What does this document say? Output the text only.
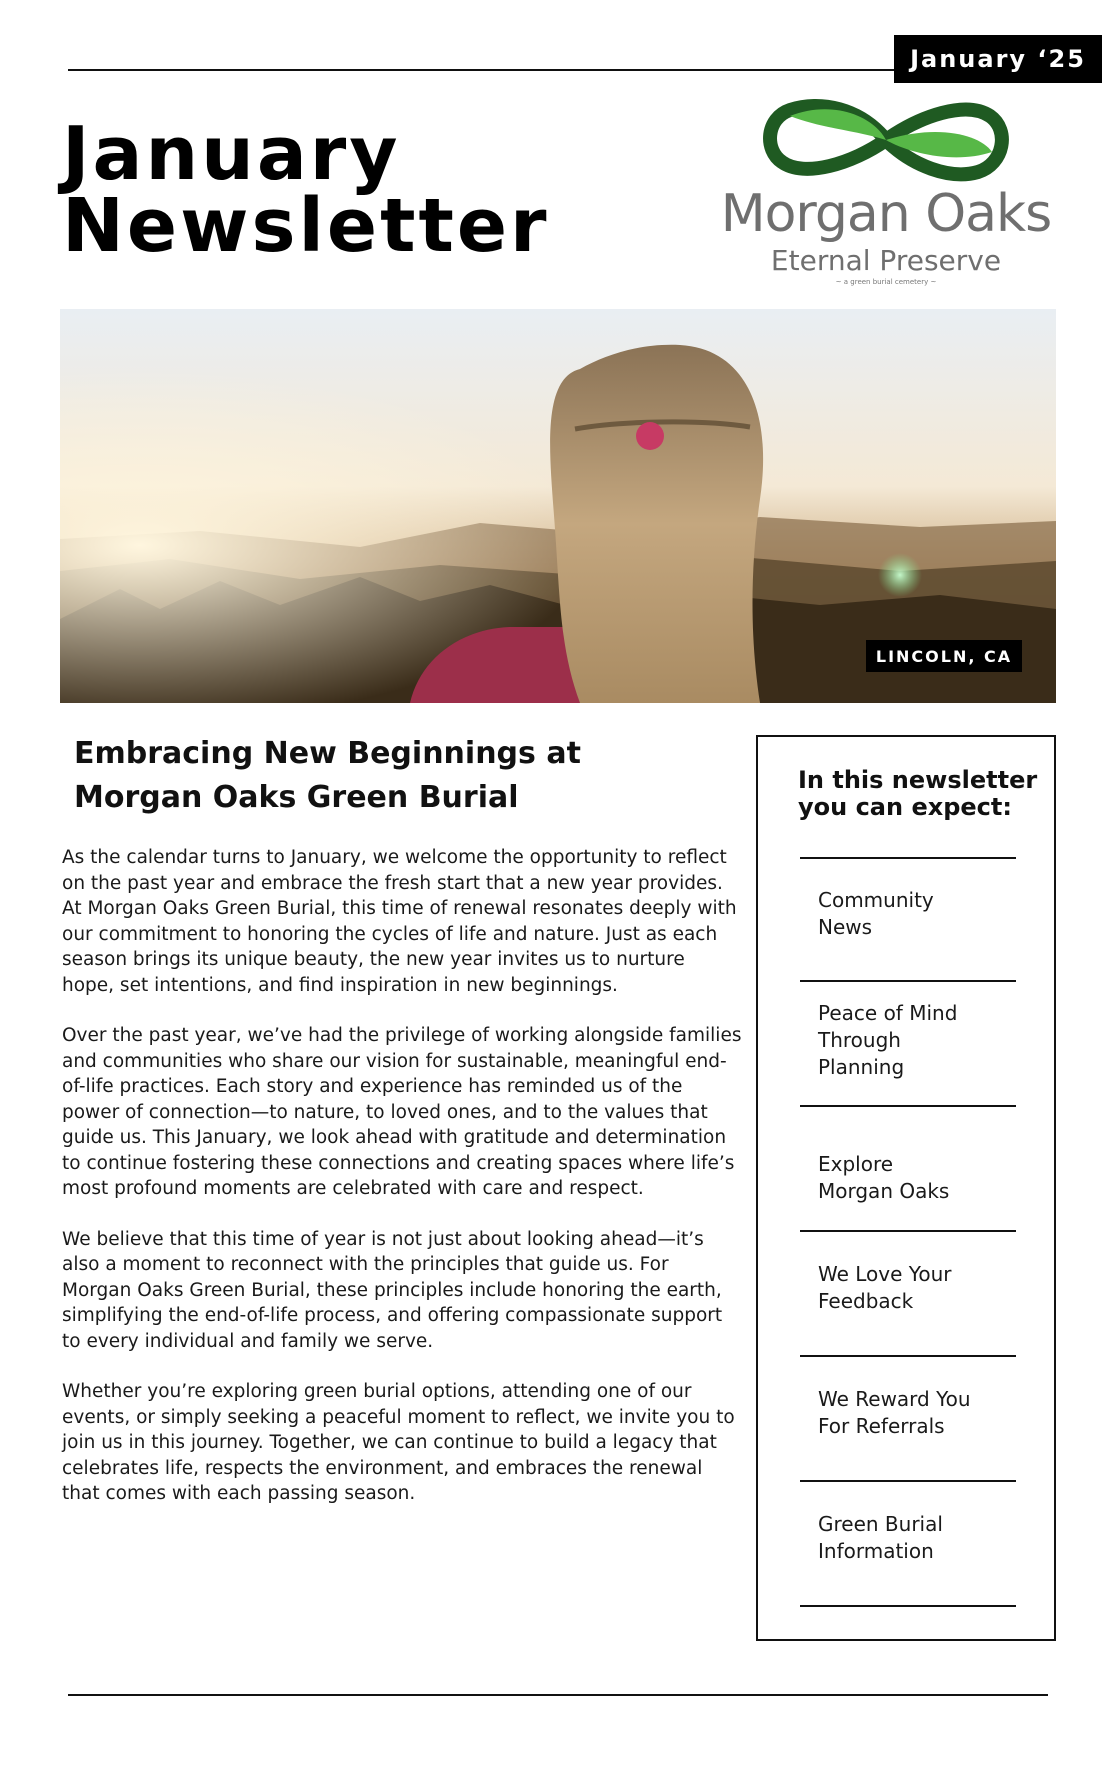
January ‘25
January
Newsletter	Morgan Oaks
Eternal Preserve
~ a green burial cemetery ~
LINCOLN, CA
Embracing New Beginnings at
Morgan Oaks Green Burial

As the calendar turns to January, we welcome the opportunity to reflect on the past year and embrace the fresh start that a new year provides. At Morgan Oaks Green Burial, this time of renewal resonates deeply with our commitment to honoring the cycles of life and nature. Just as each season brings its unique beauty, the new year invites us to nurture hope, set intentions, and find inspiration in new beginnings.

Over the past year, we’ve had the privilege of working alongside families and communities who share our vision for sustainable, meaningful end-of-life practices. Each story and experience has reminded us of the power of connection—to nature, to loved ones, and to the values that guide us. This January, we look ahead with gratitude and determination to continue fostering these connections and creating spaces where life’s most profound moments are celebrated with care and respect.

We believe that this time of year is not just about looking ahead—it’s also a moment to reconnect with the principles that guide us. For Morgan Oaks Green Burial, these principles include honoring the earth, simplifying the end-of-life process, and offering compassionate support to every individual and family we serve.

Whether you’re exploring green burial options, attending one of our events, or simply seeking a peaceful moment to reflect, we invite you to join us in this journey. Together, we can continue to build a legacy that celebrates life, respects the environment, and embraces the renewal that comes with each passing season.

In this newsletter you can expect:
Community
News
Peace of Mind
Through
Planning
Explore
Morgan Oaks
We Love Your
Feedback
We Reward You
For Referrals
Green Burial
Information
